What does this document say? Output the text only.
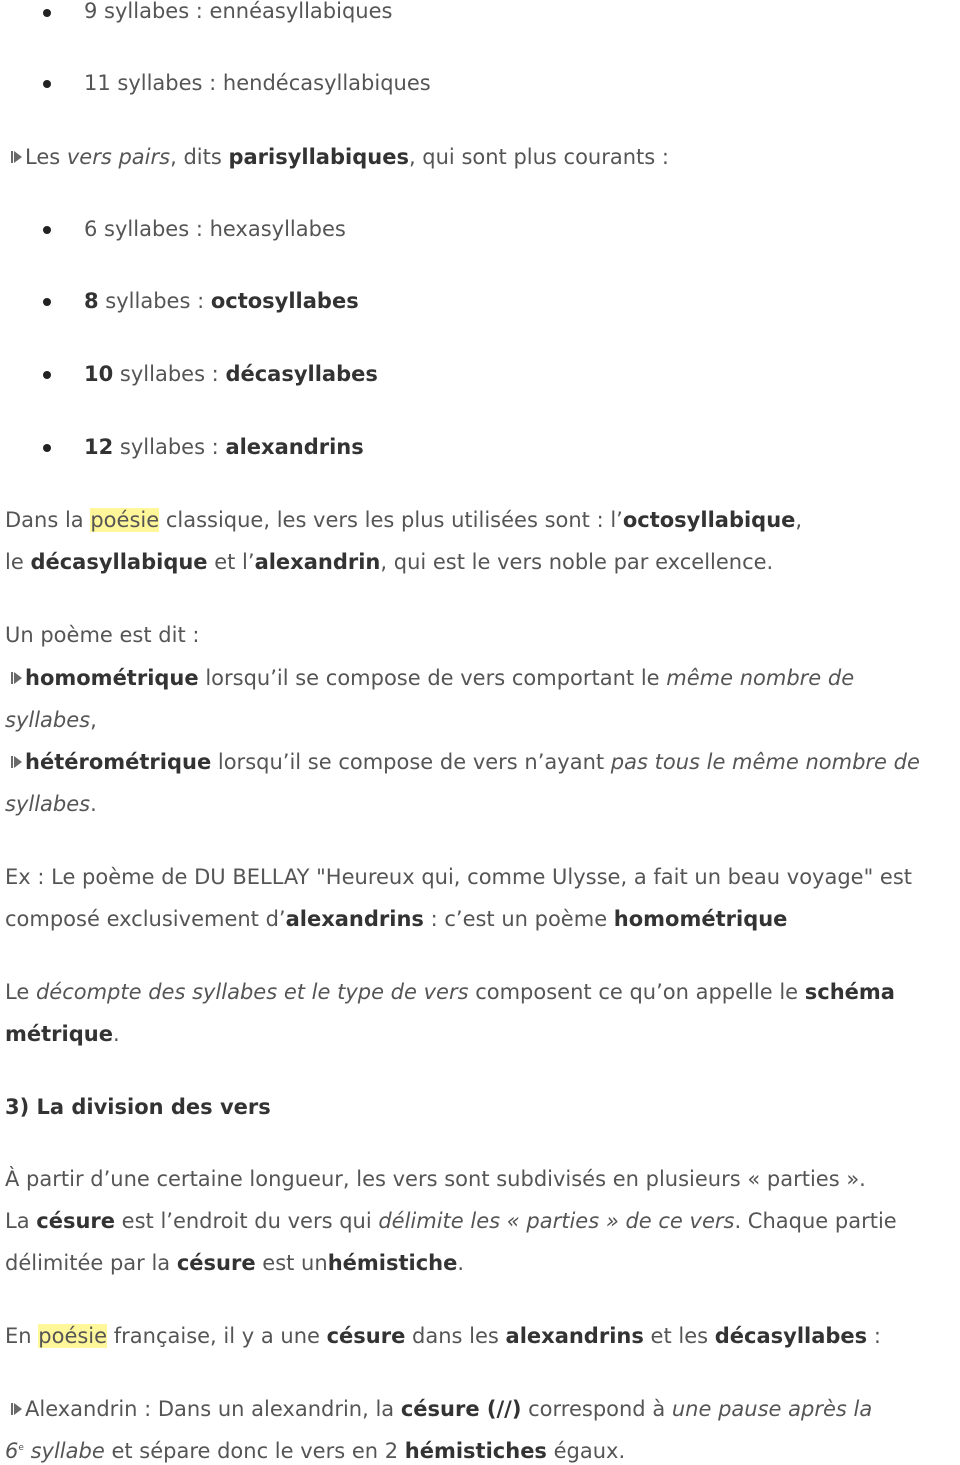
9 syllabes : ennéasyllabiques
11 syllabes : hendécasyllabiques
Les vers pairs, dits parisyllabiques, qui sont plus courants :
6 syllabes : hexasyllabes
8 syllabes : octosyllabes
10 syllabes : décasyllabes
12 syllabes : alexandrins
Dans la poésie classique, les vers les plus utilisées sont : l’octosyllabique,
le décasyllabique et l’alexandrin, qui est le vers noble par excellence.
Un poème est dit :
homométrique lorsqu’il se compose de vers comportant le même nombre de
syllabes,
hétérométrique lorsqu’il se compose de vers n’ayant pas tous le même nombre de
syllabes.
Ex : Le poème de DU BELLAY "Heureux qui, comme Ulysse, a fait un beau voyage" est
composé exclusivement d’alexandrins : c’est un poème homométrique
Le décompte des syllabes et le type de vers composent ce qu’on appelle le schéma
métrique.
3) La division des vers
À partir d’une certaine longueur, les vers sont subdivisés en plusieurs « parties ».
La césure est l’endroit du vers qui délimite les « parties » de ce vers. Chaque partie
délimitée par la césure est unhémistiche.
En poésie française, il y a une césure dans les alexandrins et les décasyllabes :
Alexandrin : Dans un alexandrin, la césure (//) correspond à une pause après la
6e syllabe et sépare donc le vers en 2 hémistiches égaux.
